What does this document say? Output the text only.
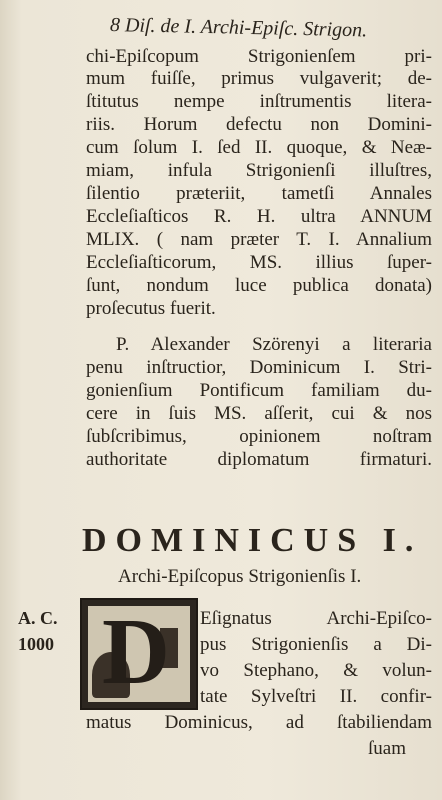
8 Diſ. de I. Archi-Epiſc. Strigon.
chi-Epiſcopum Strigonienſem pri-
mum fuiſſe, primus vulgaverit; de-
ſtitutus nempe inſtrumentis litera-
riis. Horum defectu non Domini-
cum ſolum I. ſed II. quoque, & Neæ-
miam, infula Strigonienſi illuſtres,
ſilentio præteriit, tametſi Annales
Eccleſiaſticos R. H. ultra ANNUM
MLIX. ( nam præter T. I. Annalium
Eccleſiaſticorum, MS. illius ſuper-
ſunt, nondum luce publica donata)
proſecutus fuerit.
P. Alexander Szörenyi a literaria
penu inſtructior, Dominicum I. Stri-
gonienſium Pontificum familiam du-
cere in ſuis MS. aſſerit, cui & nos
ſubſcribimus, opinionem noſtram
authoritate diplomatum firmaturi.
DOMINICUS I.
Archi-Epiſcopus Strigonienſis I.
A. C.
1000 D Eſignatus Archi-Epiſco-
pus Strigonienſis a Di-
vo Stephano, & volun-
tate Sylveſtri II. confir-
matus Dominicus, ad ſtabiliendam
ſuam
